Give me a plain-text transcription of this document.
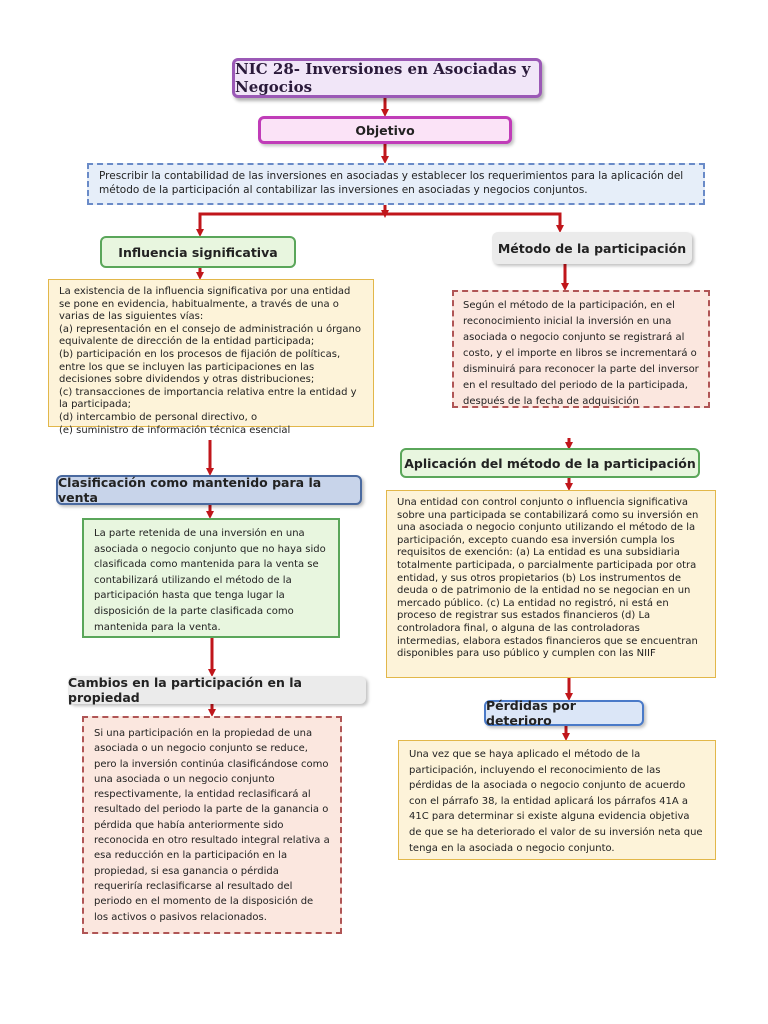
NIC 28- Inversiones en Asociadas y Negocios
Objetivo

Prescribir la contabilidad de las inversiones en asociadas y establecer los requerimientos para la aplicación del método de la participación al contabilizar las inversiones en asociadas y negocios conjuntos.

Influencia significativa	Método de la participación

La existencia de la influencia significativa por una entidad se pone en evidencia, habitualmente, a través de una o varias de las siguientes vías:

(a) representación en el consejo de administración u órgano equivalente de dirección de la entidad participada;

(b) participación en los procesos de fijación de políticas, entre los que se incluyen las participaciones en las decisiones sobre dividendos y otras distribuciones;

(c) transacciones de importancia relativa entre la entidad y la participada;

(d) intercambio de personal directivo, o

(e) suministro de información técnica esencial

Según el método de la participación, en el reconocimiento inicial la inversión en una asociada o negocio conjunto se registrará al costo, y el importe en libros se incrementará o disminuirá para reconocer la parte del inversor en el resultado del periodo de la participada, después de la fecha de adquisición

Aplicación del método de la participación

Una entidad con control conjunto o influencia significativa sobre una participada se contabilizará como su inversión en una asociada o negocio conjunto utilizando el método de la participación, excepto cuando esa inversión cumpla los requisitos de exención: (a) La entidad es una subsidiaria totalmente participada, o parcialmente participada por otra entidad, y sus otros propietarios (b) Los instrumentos de deuda o de patrimonio de la entidad no se negocian en un mercado público. (c) La entidad no registró, ni está en proceso de registrar sus estados financieros (d) La controladora final, o alguna de las controladoras intermedias, elabora estados financieros que se encuentran disponibles para uso público y cumplen con las NIIF

Clasificación como mantenido para la venta

La parte retenida de una inversión en una asociada o negocio conjunto que no haya sido clasificada como mantenida para la venta se contabilizará utilizando el método de la participación hasta que tenga lugar la disposición de la parte clasificada como mantenida para la venta.

Cambios en la participación en la propiedad

Si una participación en la propiedad de una asociada o un negocio conjunto se reduce, pero la inversión continúa clasificándose como una asociada o un negocio conjunto respectivamente, la entidad reclasificará al resultado del periodo la parte de la ganancia o pérdida que había anteriormente sido reconocida en otro resultado integral relativa a esa reducción en la participación en la propiedad, si esa ganancia o pérdida requeriría reclasificarse al resultado del periodo en el momento de la disposición de los activos o pasivos relacionados.

Pérdidas por deterioro

Una vez que se haya aplicado el método de la participación, incluyendo el reconocimiento de las pérdidas de la asociada o negocio conjunto de acuerdo con el párrafo 38, la entidad aplicará los párrafos 41A a 41C para determinar si existe alguna evidencia objetiva de que se ha deteriorado el valor de su inversión neta que tenga en la asociada o negocio conjunto.
